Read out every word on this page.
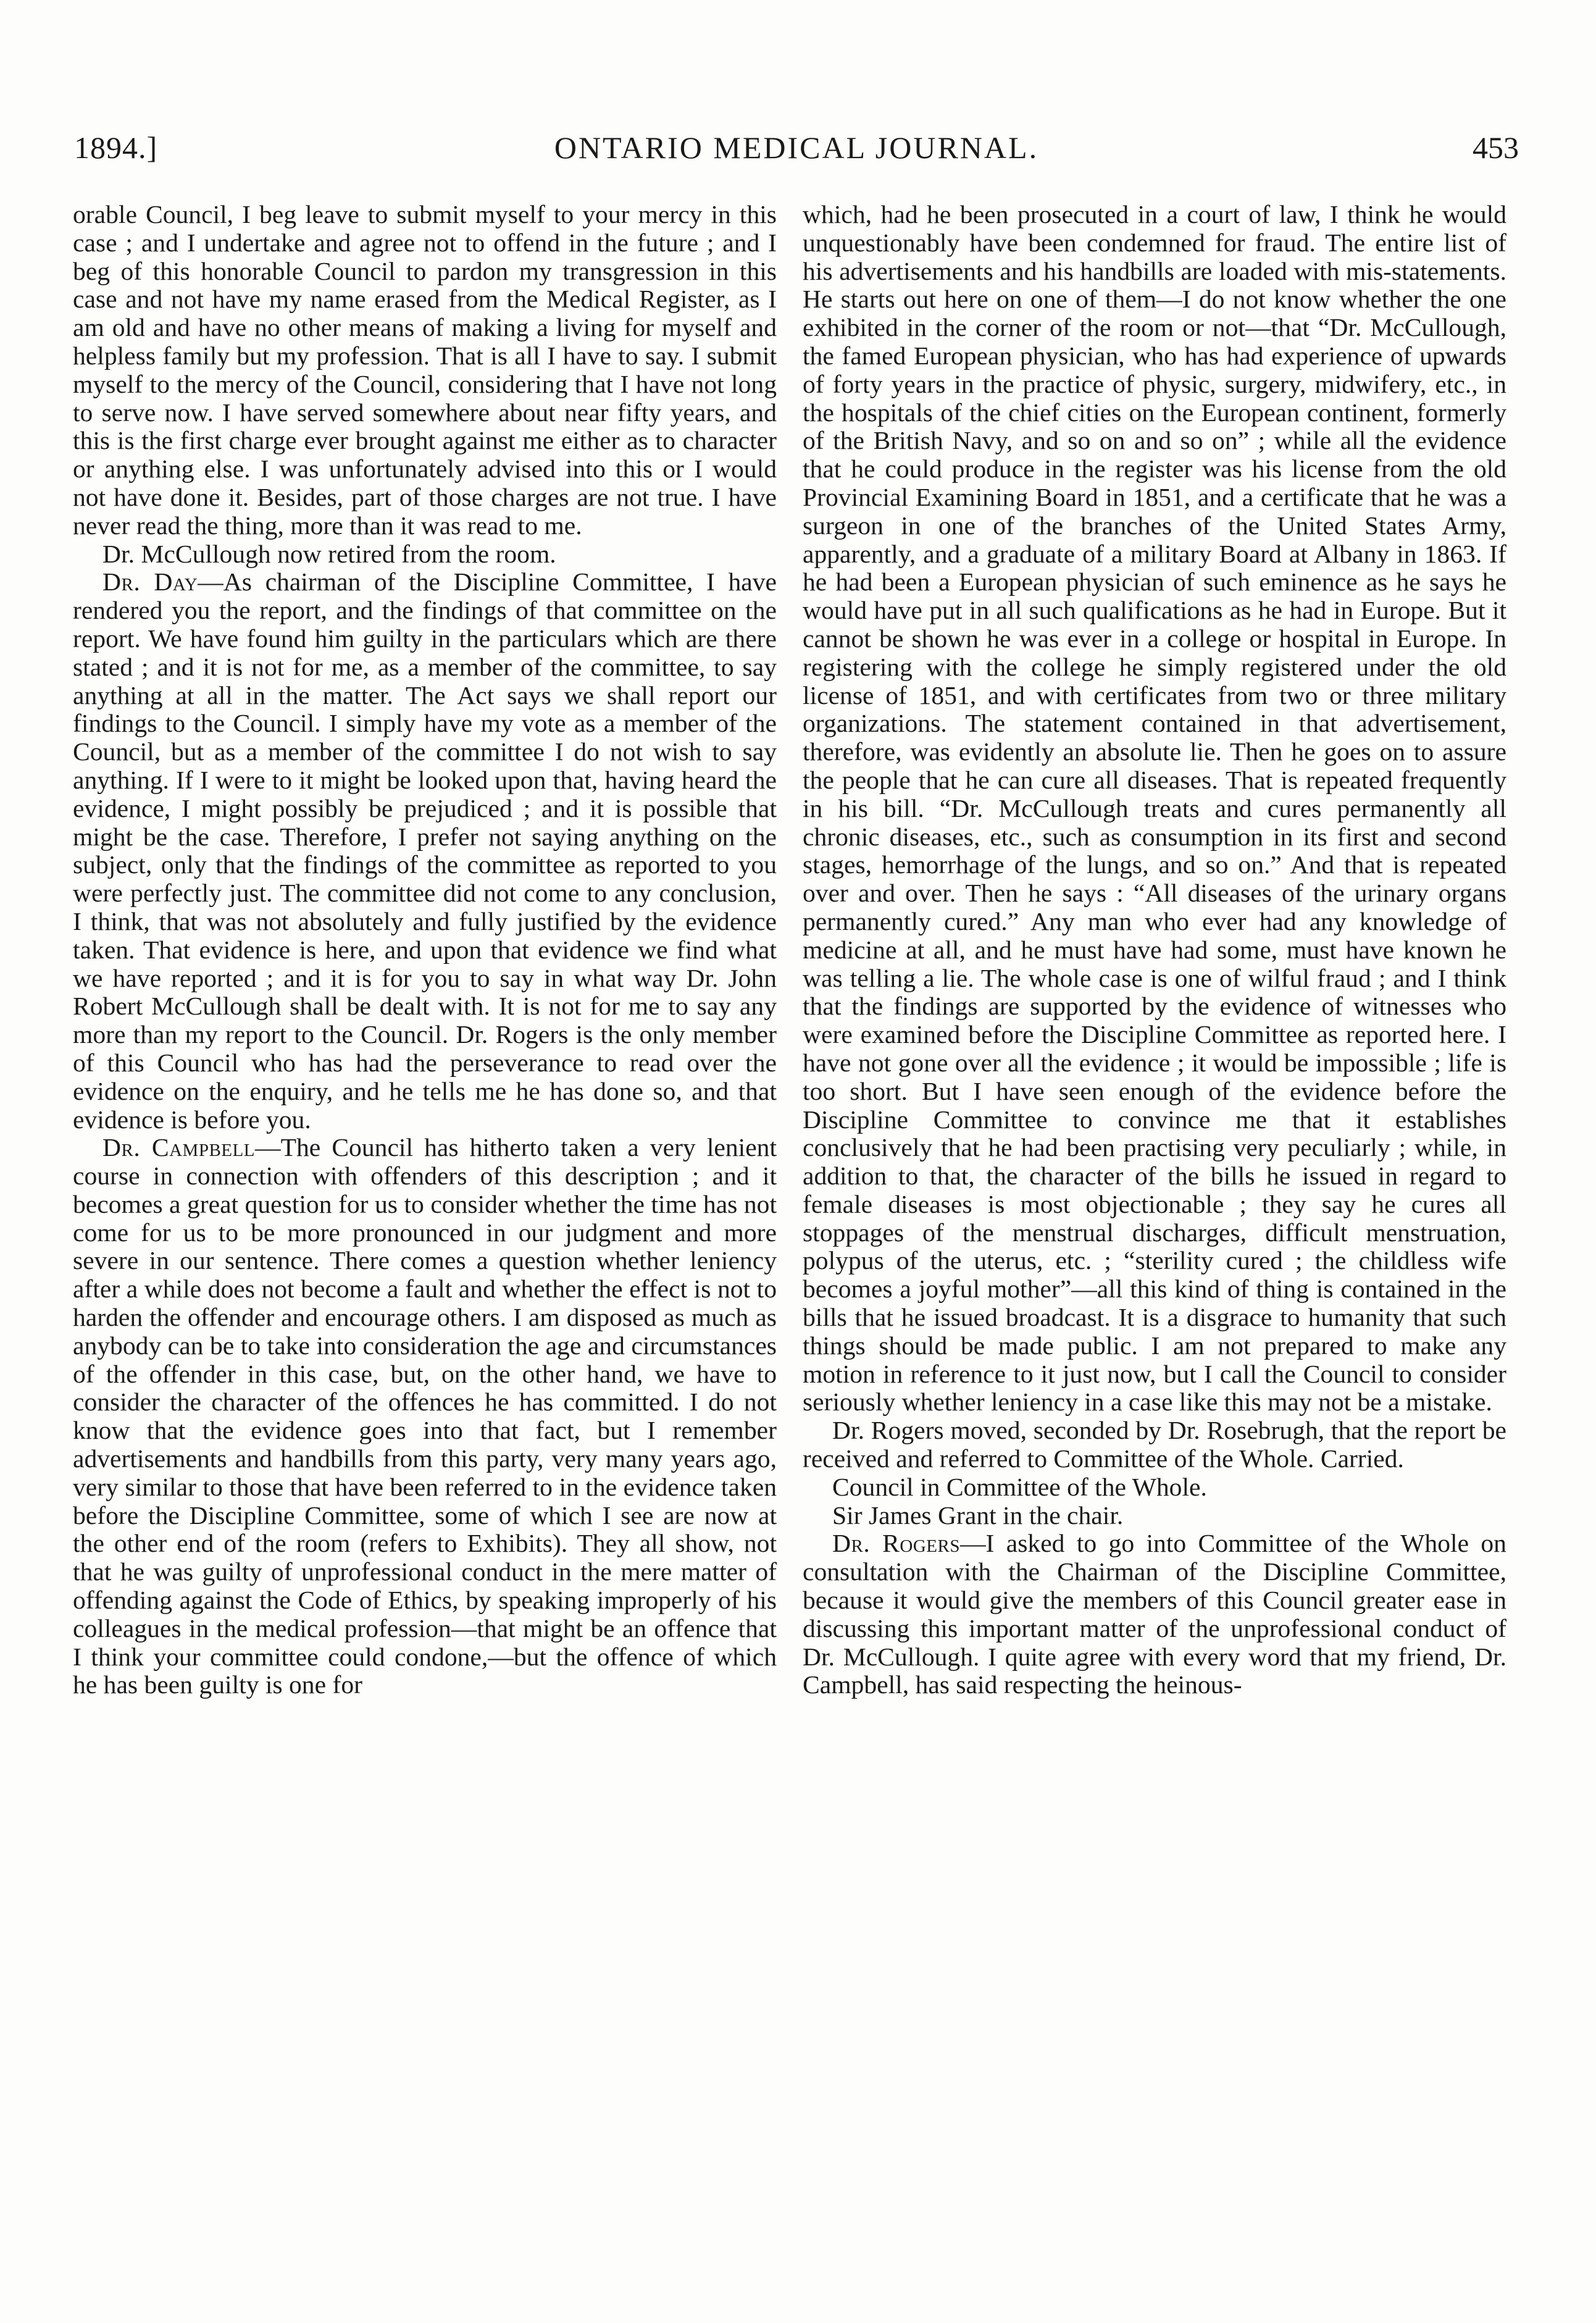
1894.]	ONTARIO MEDICAL JOURNAL.	453

orable Council, I beg leave to submit myself to your mercy in this case ; and I undertake and agree not to offend in the future ; and I beg of this honorable Council to pardon my transgression in this case and not have my name erased from the Medical Register, as I am old and have no other means of making a living for myself and helpless family but my profession. That is all I have to say. I submit myself to the mercy of the Council, considering that I have not long to serve now. I have served somewhere about near fifty years, and this is the first charge ever brought against me either as to character or anything else. I was unfortunately advised into this or I would not have done it. Besides, part of those charges are not true. I have never read the thing, more than it was read to me.

Dr. McCullough now retired from the room.

Dr. Day—As chairman of the Discipline Committee, I have rendered you the report, and the findings of that committee on the report. We have found him guilty in the particulars which are there stated ; and it is not for me, as a member of the committee, to say anything at all in the matter. The Act says we shall report our findings to the Council. I simply have my vote as a member of the Council, but as a member of the committee I do not wish to say anything. If I were to it might be looked upon that, having heard the evidence, I might possibly be prejudiced ; and it is possible that might be the case. Therefore, I prefer not saying anything on the subject, only that the findings of the committee as reported to you were perfectly just. The committee did not come to any conclusion, I think, that was not absolutely and fully justified by the evidence taken. That evidence is here, and upon that evidence we find what we have reported ; and it is for you to say in what way Dr. John Robert McCullough shall be dealt with. It is not for me to say any more than my report to the Council. Dr. Rogers is the only member of this Council who has had the perseverance to read over the evidence on the enquiry, and he tells me he has done so, and that evidence is before you.

Dr. Campbell—The Council has hitherto taken a very lenient course in connection with offenders of this description ; and it becomes a great question for us to consider whether the time has not come for us to be more pronounced in our judgment and more severe in our sentence. There comes a question whether leniency after a while does not become a fault and whether the effect is not to harden the offender and encourage others. I am disposed as much as anybody can be to take into consideration the age and circumstances of the offender in this case, but, on the other hand, we have to consider the character of the offences he has committed. I do not know that the evidence goes into that fact, but I remember advertisements and handbills from this party, very many years ago, very similar to those that have been referred to in the evidence taken before the Discipline Committee, some of which I see are now at the other end of the room (refers to Exhibits). They all show, not that he was guilty of unprofessional conduct in the mere matter of offending against the Code of Ethics, by speaking improperly of his colleagues in the medical profession—that might be an offence that I think your committee could condone,—but the offence of which he has been guilty is one for

which, had he been prosecuted in a court of law, I think he would unquestionably have been condemned for fraud. The entire list of his advertisements and his handbills are loaded with mis-statements. He starts out here on one of them—I do not know whether the one exhibited in the corner of the room or not—that “Dr. McCullough, the famed European physician, who has had experience of upwards of forty years in the practice of physic, surgery, midwifery, etc., in the hospitals of the chief cities on the European continent, formerly of the British Navy, and so on and so on” ; while all the evidence that he could produce in the register was his license from the old Provincial Examining Board in 1851, and a certificate that he was a surgeon in one of the branches of the United States Army, apparently, and a graduate of a military Board at Albany in 1863. If he had been a European physician of such eminence as he says he would have put in all such qualifications as he had in Europe. But it cannot be shown he was ever in a college or hospital in Europe. In registering with the college he simply registered under the old license of 1851, and with certificates from two or three military organizations. The statement contained in that advertisement, therefore, was evidently an absolute lie. Then he goes on to assure the people that he can cure all diseases. That is repeated frequently in his bill. “Dr. McCullough treats and cures permanently all chronic diseases, etc., such as consumption in its first and second stages, hemorrhage of the lungs, and so on.” And that is repeated over and over. Then he says : “All diseases of the urinary organs permanently cured.” Any man who ever had any knowledge of medicine at all, and he must have had some, must have known he was telling a lie. The whole case is one of wilful fraud ; and I think that the findings are supported by the evidence of witnesses who were examined before the Discipline Committee as reported here. I have not gone over all the evidence ; it would be impossible ; life is too short. But I have seen enough of the evidence before the Discipline Committee to convince me that it establishes conclusively that he had been practising very peculiarly ; while, in addition to that, the character of the bills he issued in regard to female diseases is most objectionable ; they say he cures all stoppages of the menstrual discharges, difficult menstruation, polypus of the uterus, etc. ; “sterility cured ; the childless wife becomes a joyful mother”—all this kind of thing is contained in the bills that he issued broadcast. It is a disgrace to humanity that such things should be made public. I am not prepared to make any motion in reference to it just now, but I call the Council to consider seriously whether leniency in a case like this may not be a mistake.

Dr. Rogers moved, seconded by Dr. Rosebrugh, that the report be received and referred to Committee of the Whole. Carried.

Council in Committee of the Whole.

Sir James Grant in the chair.

Dr. Rogers—I asked to go into Committee of the Whole on consultation with the Chairman of the Discipline Committee, because it would give the members of this Council greater ease in discussing this important matter of the unprofessional conduct of Dr. McCullough. I quite agree with every word that my friend, Dr. Campbell, has said respecting the heinous-
